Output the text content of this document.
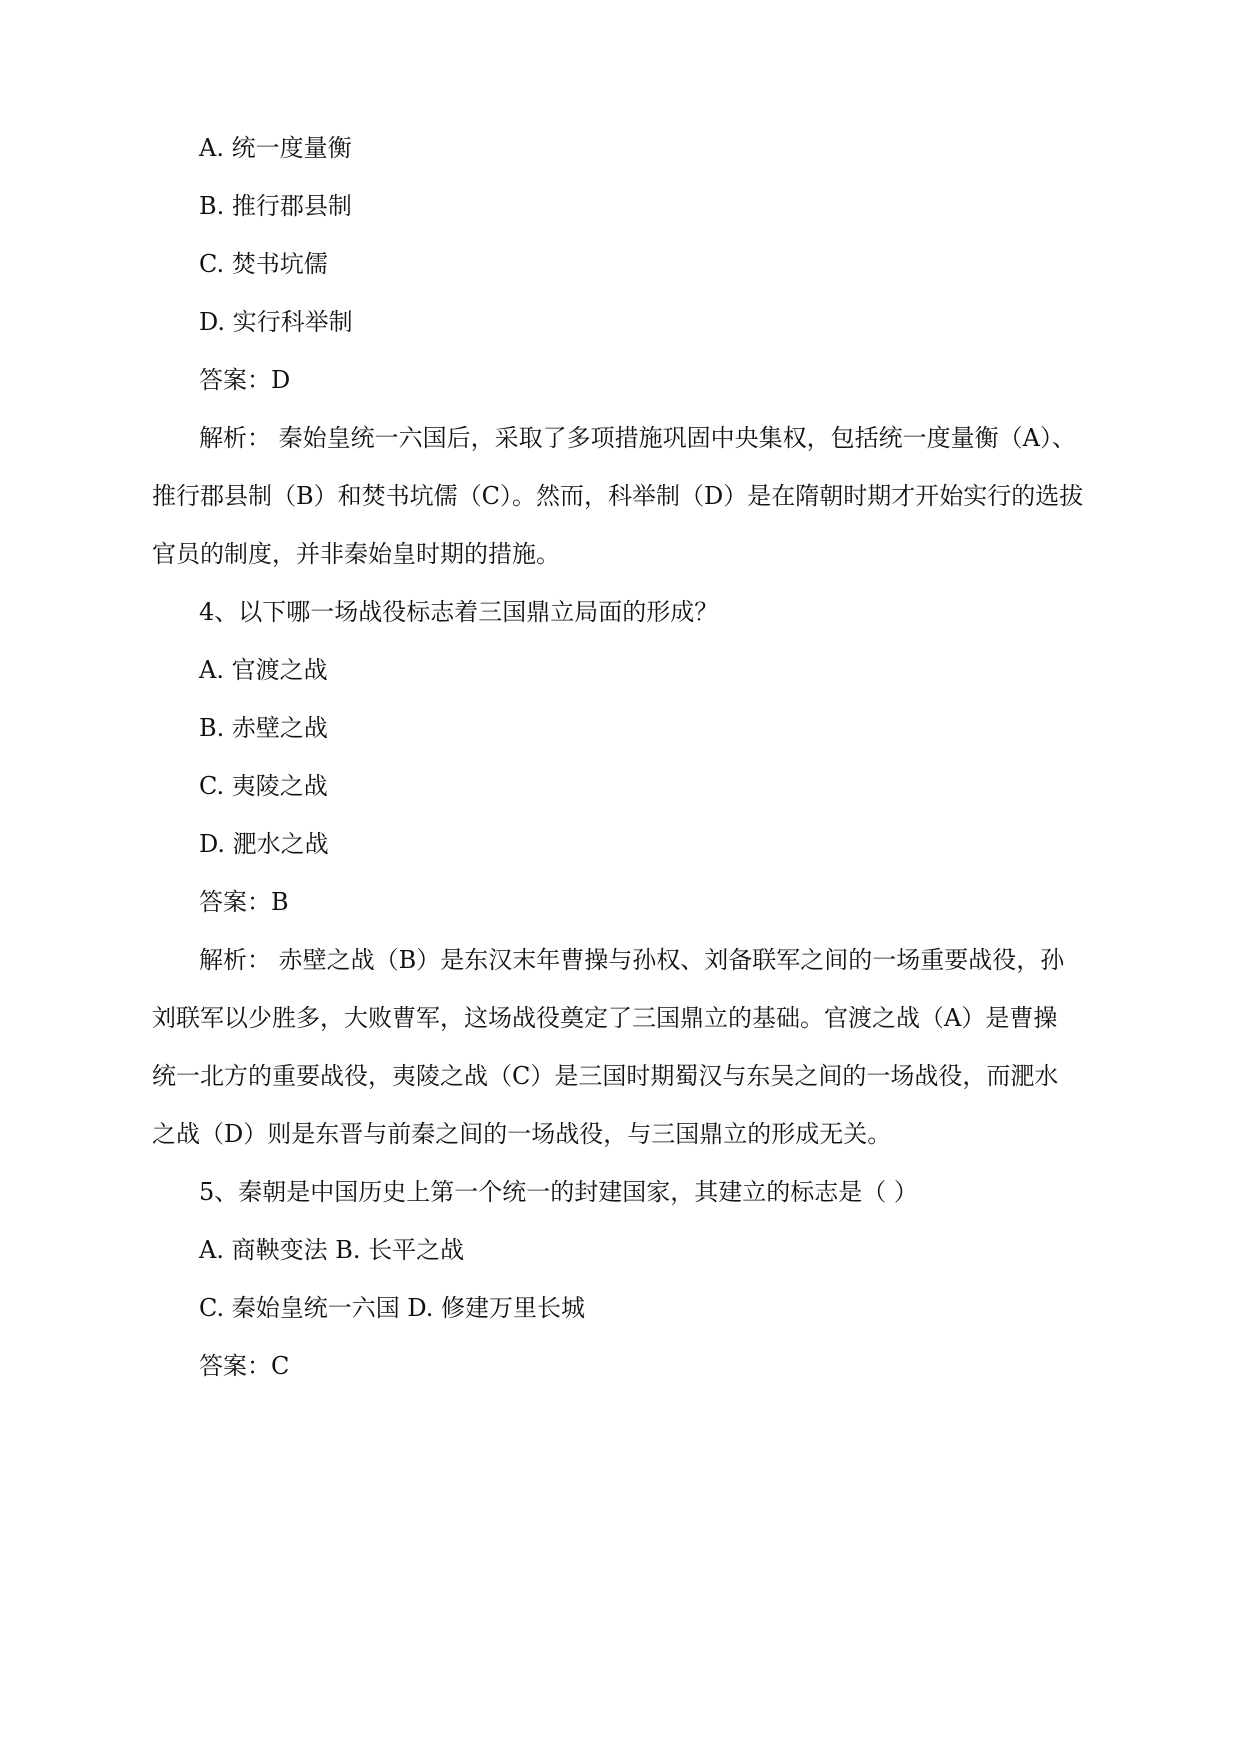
A. 统一度量衡
B. 推行郡县制
C. 焚书坑儒
D. 实行科举制
答案：D
解析： 秦始皇统一六国后，采取了多项措施巩固中央集权，包括统一度量衡（A）、
推行郡县制（B）和焚书坑儒（C）。然而，科举制（D）是在隋朝时期才开始实行的选拔
官员的制度，并非秦始皇时期的措施。
4、以下哪一场战役标志着三国鼎立局面的形成？
A. 官渡之战
B. 赤壁之战
C. 夷陵之战
D. 淝水之战
答案：B
解析： 赤壁之战（B）是东汉末年曹操与孙权、刘备联军之间的一场重要战役，孙
刘联军以少胜多，大败曹军，这场战役奠定了三国鼎立的基础。官渡之战（A）是曹操
统一北方的重要战役，夷陵之战（C）是三国时期蜀汉与东吴之间的一场战役，而淝水
之战（D）则是东晋与前秦之间的一场战役，与三国鼎立的形成无关。
5、秦朝是中国历史上第一个统一的封建国家，其建立的标志是（ ）
A. 商鞅变法 B. 长平之战
C. 秦始皇统一六国 D. 修建万里长城
答案：C
